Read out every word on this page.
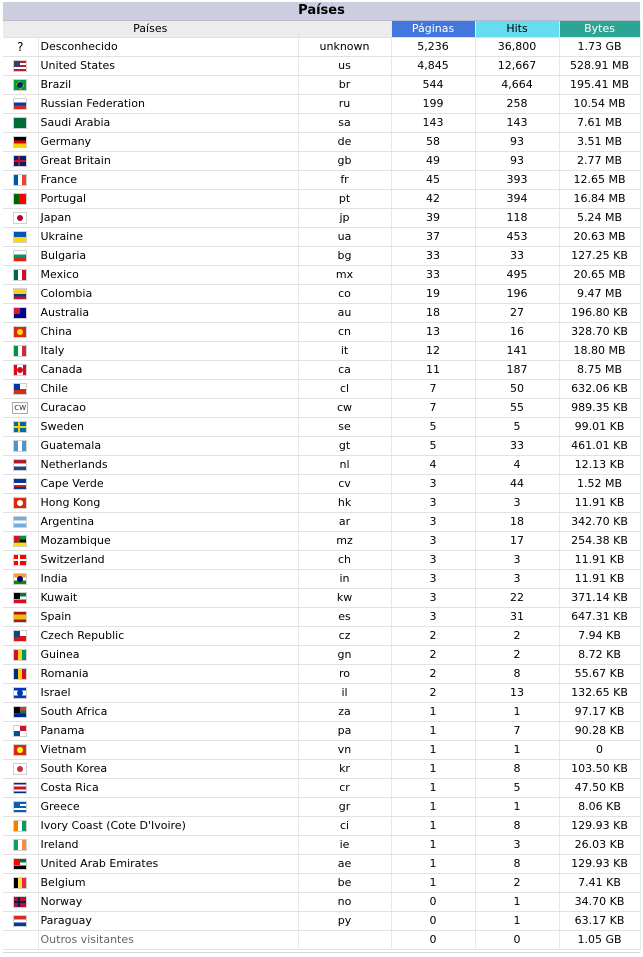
Países
Países			Páginas	Hits	Bytes
?	Desconhecido	unknown	5,236	36,800	1.73 GB

	United States	us	4,845	12,667	528.91 MB

	Brazil	br	544	4,664	195.41 MB
	Russian Federation	ru	199	258	10.54 MB
	Saudi Arabia	sa	143	143	7.61 MB
	Germany	de	58	93	3.51 MB

	Great Britain	gb	49	93	2.77 MB
	France	fr	45	393	12.65 MB
	Portugal	pt	42	394	16.84 MB

	Japan	jp	39	118	5.24 MB
	Ukraine	ua	37	453	20.63 MB
	Bulgaria	bg	33	33	127.25 KB
	Mexico	mx	33	495	20.65 MB
	Colombia	co	19	196	9.47 MB

	Australia	au	18	27	196.80 KB

	China	cn	13	16	328.70 KB
	Italy	it	12	141	18.80 MB

	Canada	ca	11	187	8.75 MB

	Chile	cl	7	50	632.06 KB
cw	Curacao	cw	7	55	989.35 KB

	Sweden	se	5	5	99.01 KB
	Guatemala	gt	5	33	461.01 KB
	Netherlands	nl	4	4	12.13 KB
	Cape Verde	cv	3	44	1.52 MB

	Hong Kong	hk	3	3	11.91 KB
	Argentina	ar	3	18	342.70 KB

	Mozambique	mz	3	17	254.38 KB

	Switzerland	ch	3	3	11.91 KB

	India	in	3	3	11.91 KB

	Kuwait	kw	3	22	371.14 KB
	Spain	es	3	31	647.31 KB

	Czech Republic	cz	2	2	7.94 KB
	Guinea	gn	2	2	8.72 KB
	Romania	ro	2	8	55.67 KB

	Israel	il	2	13	132.65 KB

	South Africa	za	1	1	97.17 KB
	Panama	pa	1	7	90.28 KB

	Vietnam	vn	1	1	0

	South Korea	kr	1	8	103.50 KB
	Costa Rica	cr	1	5	47.50 KB

	Greece	gr	1	1	8.06 KB
	Ivory Coast (Cote D'Ivoire)	ci	1	8	129.93 KB
	Ireland	ie	1	3	26.03 KB

	United Arab Emirates	ae	1	8	129.93 KB
	Belgium	be	1	2	7.41 KB

	Norway	no	0	1	34.70 KB
	Paraguay	py	0	1	63.17 KB
	Outros visitantes		0	0	1.05 GB
